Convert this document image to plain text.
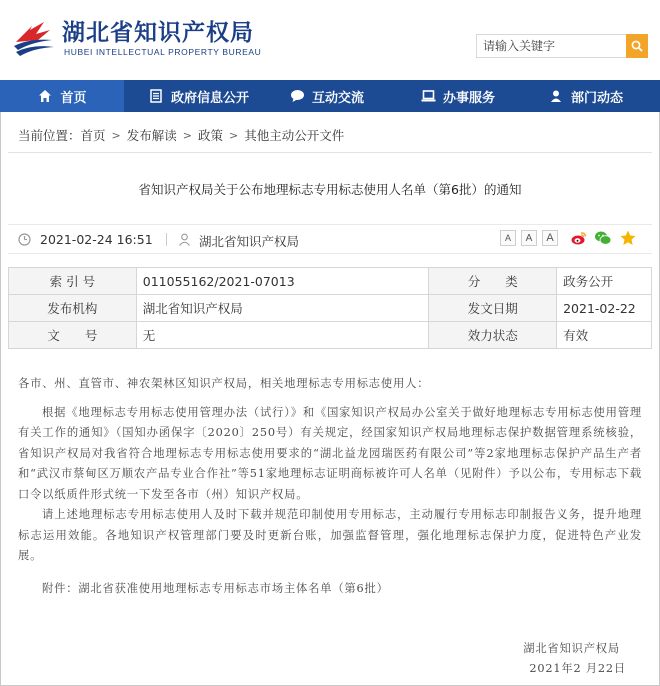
湖北省知识产权局
HUBEI INTELLECTUAL PROPERTY BUREAU
请输入关键字
首页	政府信息公开	互动交流	办事服务	部门动态
当前位置： 首页 > 发布解读 > 政策 > 其他主动公开文件
省知识产权局关于公布地理标志专用标志使用人名单（第6批）的通知
2021-02-24 16:51	湖北省知识产权局	A	A	A
索 引 号	011055162/2021-07013	分　　类	政务公开
发布机构	湖北省知识产权局	发文日期	2021-02-22
文　　号	无	效力状态	有效

各市、州、直管市、神农架林区知识产权局，相关地理标志专用标志使用人：

根据《地理标志专用标志使用管理办法（试行）》和《国家知识产权局办公室关于做好地理标志专用标志使用管理有关工作的通知》（国知办函保字〔2020〕250号）有关规定，经国家知识产权局地理标志保护数据管理系统核验，省知识产权局对我省符合地理标志专用标志使用要求的“湖北益龙园瑞医药有限公司”等2家地理标志保护产品生产者和“武汉市蔡甸区万顺农产品专业合作社”等51家地理标志证明商标被许可人名单（见附件）予以公布，专用标志下载口令以纸质件形式统一下发至各市（州）知识产权局。

请上述地理标志专用标志使用人及时下载并规范印制使用专用标志，主动履行专用标志印制报告义务，提升地理标志运用效能。各地知识产权管理部门要及时更新台账，加强监督管理，强化地理标志保护力度，促进特色产业发展。

附件：湖北省获准使用地理标志专用标志市场主体名单（第6批）

湖北省知识产权局
2021年2 月22日
